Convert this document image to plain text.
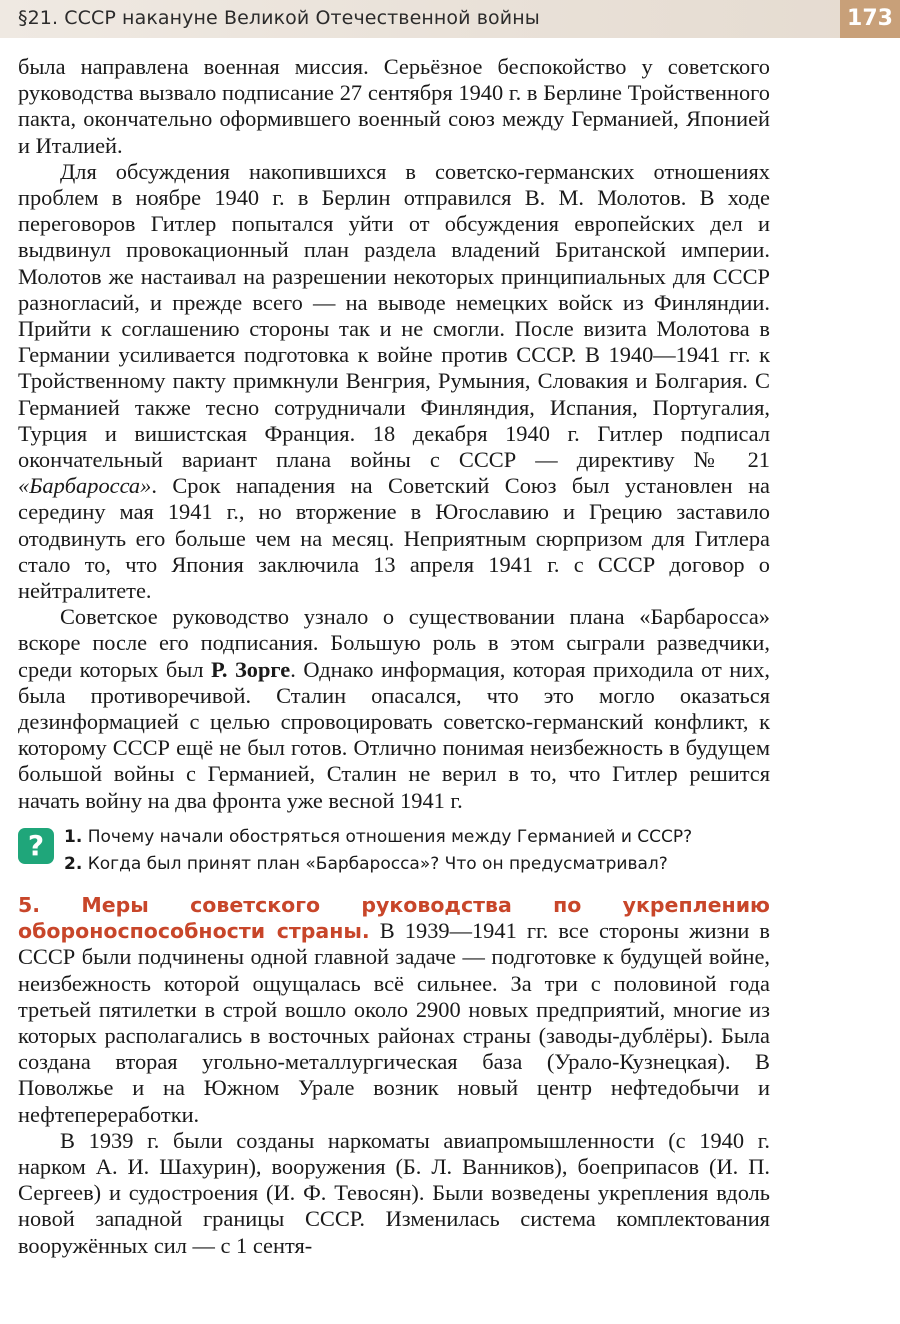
§21. СССР накануне Великой Отечественной войны	173

была направлена военная миссия. Серьёзное беспокойство у советского руководства вызвало подписание 27 сентября 1940 г. в Берлине Тройственного пакта, окончательно оформившего военный союз между Германией, Японией и Италией.

Для обсуждения накопившихся в советско-германских отношениях проблем в ноябре 1940 г. в Берлин отправился В. М. Молотов. В ходе переговоров Гитлер попытался уйти от обсуждения европейских дел и выдвинул провокационный план раздела владений Британской империи. Молотов же настаивал на разрешении некоторых принципиальных для СССР разногласий, и прежде всего — на выводе немецких войск из Финляндии. Прийти к соглашению стороны так и не смогли. После визита Молотова в Германии усиливается подготовка к войне против СССР. В 1940—1941 гг. к Тройственному пакту примкнули Венгрия, Румыния, Словакия и Болгария. С Германией также тесно сотрудничали Финляндия, Испания, Португалия, Турция и вишистская Франция. 18 декабря 1940 г. Гитлер подписал окончательный вариант плана войны с СССР — директиву № 21 «Барбаросса». Срок нападения на Советский Союз был установлен на середину мая 1941 г., но вторжение в Югославию и Грецию заставило отодвинуть его больше чем на месяц. Неприятным сюрпризом для Гитлера стало то, что Япония заключила 13 апреля 1941 г. с СССР договор о нейтралитете.

Советское руководство узнало о существовании плана «Барбаросса» вскоре после его подписания. Большую роль в этом сыграли разведчики, среди которых был Р. Зорге. Однако информация, которая приходила от них, была противоречивой. Сталин опасался, что это могло оказаться дезинформацией с целью спровоцировать советско-германский конфликт, к которому СССР ещё не был готов. Отлично понимая неизбежность в будущем большой войны с Германией, Сталин не верил в то, что Гитлер решится начать войну на два фронта уже весной 1941 г.

?	1. Почему начали обостряться отношения между Германией и СССР?
2. Когда был принят план «Барбаросса»? Что он предусматривал?

5. Меры советского руководства по укреплению обороноспособности страны. В 1939—1941 гг. все стороны жизни в СССР были подчинены одной главной задаче — подготовке к будущей войне, неизбежность которой ощущалась всё сильнее. За три с половиной года третьей пятилетки в строй вошло около 2900 новых предприятий, многие из которых располагались в восточных районах страны (заводы-дублёры). Была создана вторая угольно-металлургическая база (Урало-Кузнецкая). В Поволжье и на Южном Урале возник новый центр нефтедобычи и нефтепереработки.

В 1939 г. были созданы наркоматы авиапромышленности (с 1940 г. нарком А. И. Шахурин), вооружения (Б. Л. Ванников), боеприпасов (И. П. Сергеев) и судостроения (И. Ф. Тевосян). Были возведены укрепления вдоль новой западной границы СССР. Изменилась система комплектования вооружённых сил — с 1 сентя-
